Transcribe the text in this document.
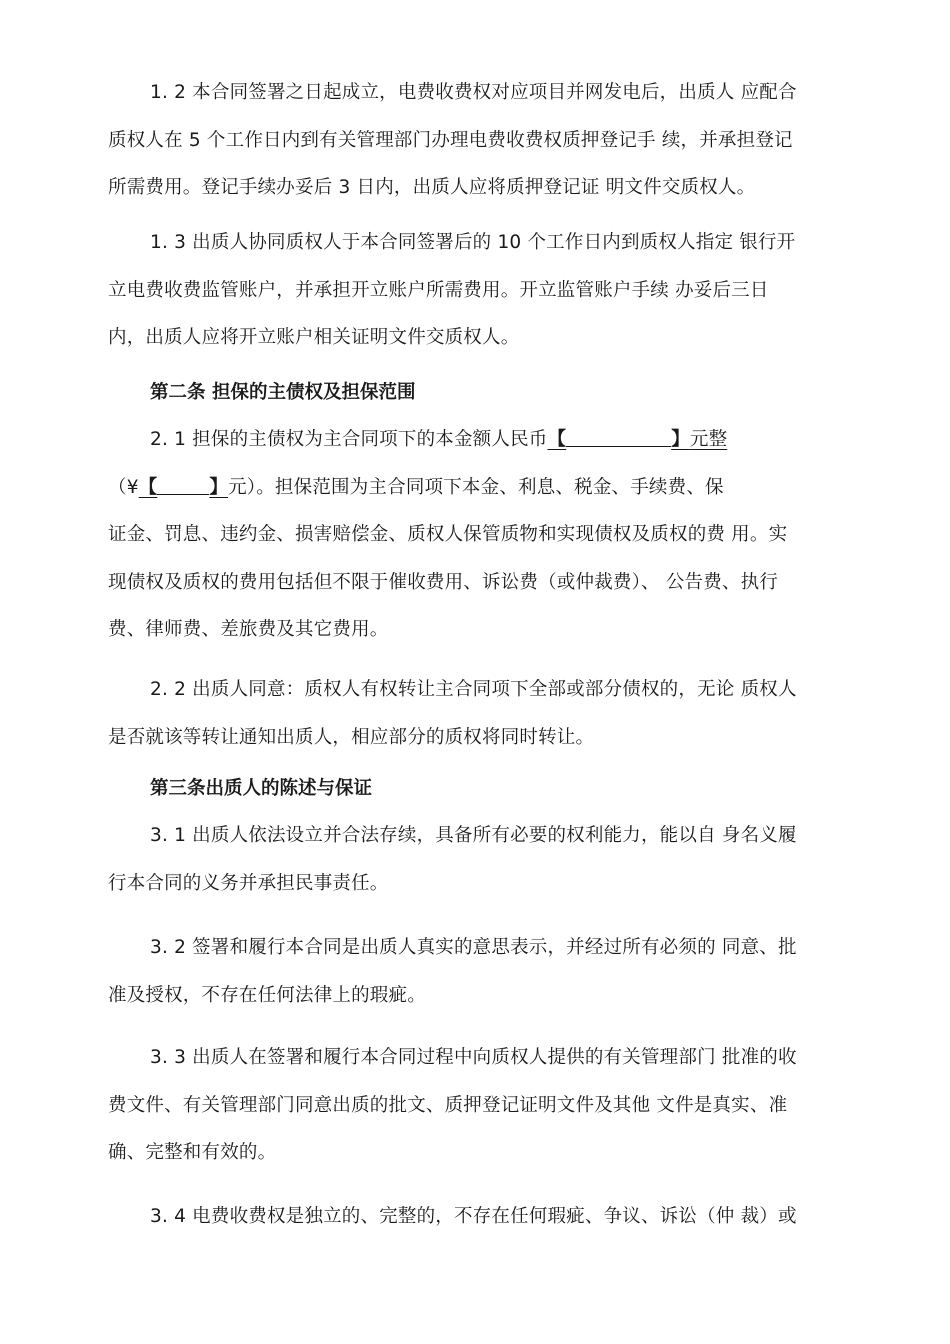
1. 2 本合同签署之日起成立，电费收费权对应项目并网发电后，出质人 应配合
质权人在 5 个工作日内到有关管理部门办理电费收费权质押登记手 续，并承担登记
所需费用。登记手续办妥后 3 日内，出质人应将质押登记证 明文件交质权人。
1. 3 出质人协同质权人于本合同签署后的 10 个工作日内到质权人指定 银行开
立电费收费监管账户，并承担开立账户所需费用。开立监管账户手续 办妥后三日
内，出质人应将开立账户相关证明文件交质权人。
第二条 担保的主债权及担保范围
2. 1 担保的主债权为主合同项下的本金额人民币【	】元整
（¥【	】元）。担保范围为主合同项下本金、利息、税金、手续费、保
证金、罚息、违约金、损害赔偿金、质权人保管质物和实现债权及质权的费 用。实
现债权及质权的费用包括但不限于催收费用、诉讼费（或仲裁费）、 公告费、执行
费、律师费、差旅费及其它费用。
2. 2 出质人同意：质权人有权转让主合同项下全部或部分债权的，无论 质权人
是否就该等转让通知出质人，相应部分的质权将同时转让。
第三条出质人的陈述与保证
3. 1 出质人依法设立并合法存续，具备所有必要的权利能力，能以自 身名义履
行本合同的义务并承担民事责任。
3. 2 签署和履行本合同是出质人真实的意思表示，并经过所有必须的 同意、批
准及授权，不存在任何法律上的瑕疵。
3. 3 出质人在签署和履行本合同过程中向质权人提供的有关管理部门 批准的收
费文件、有关管理部门同意出质的批文、质押登记证明文件及其他 文件是真实、准
确、完整和有效的。
3. 4 电费收费权是独立的、完整的，不存在任何瑕疵、争议、诉讼（仲 裁）或
